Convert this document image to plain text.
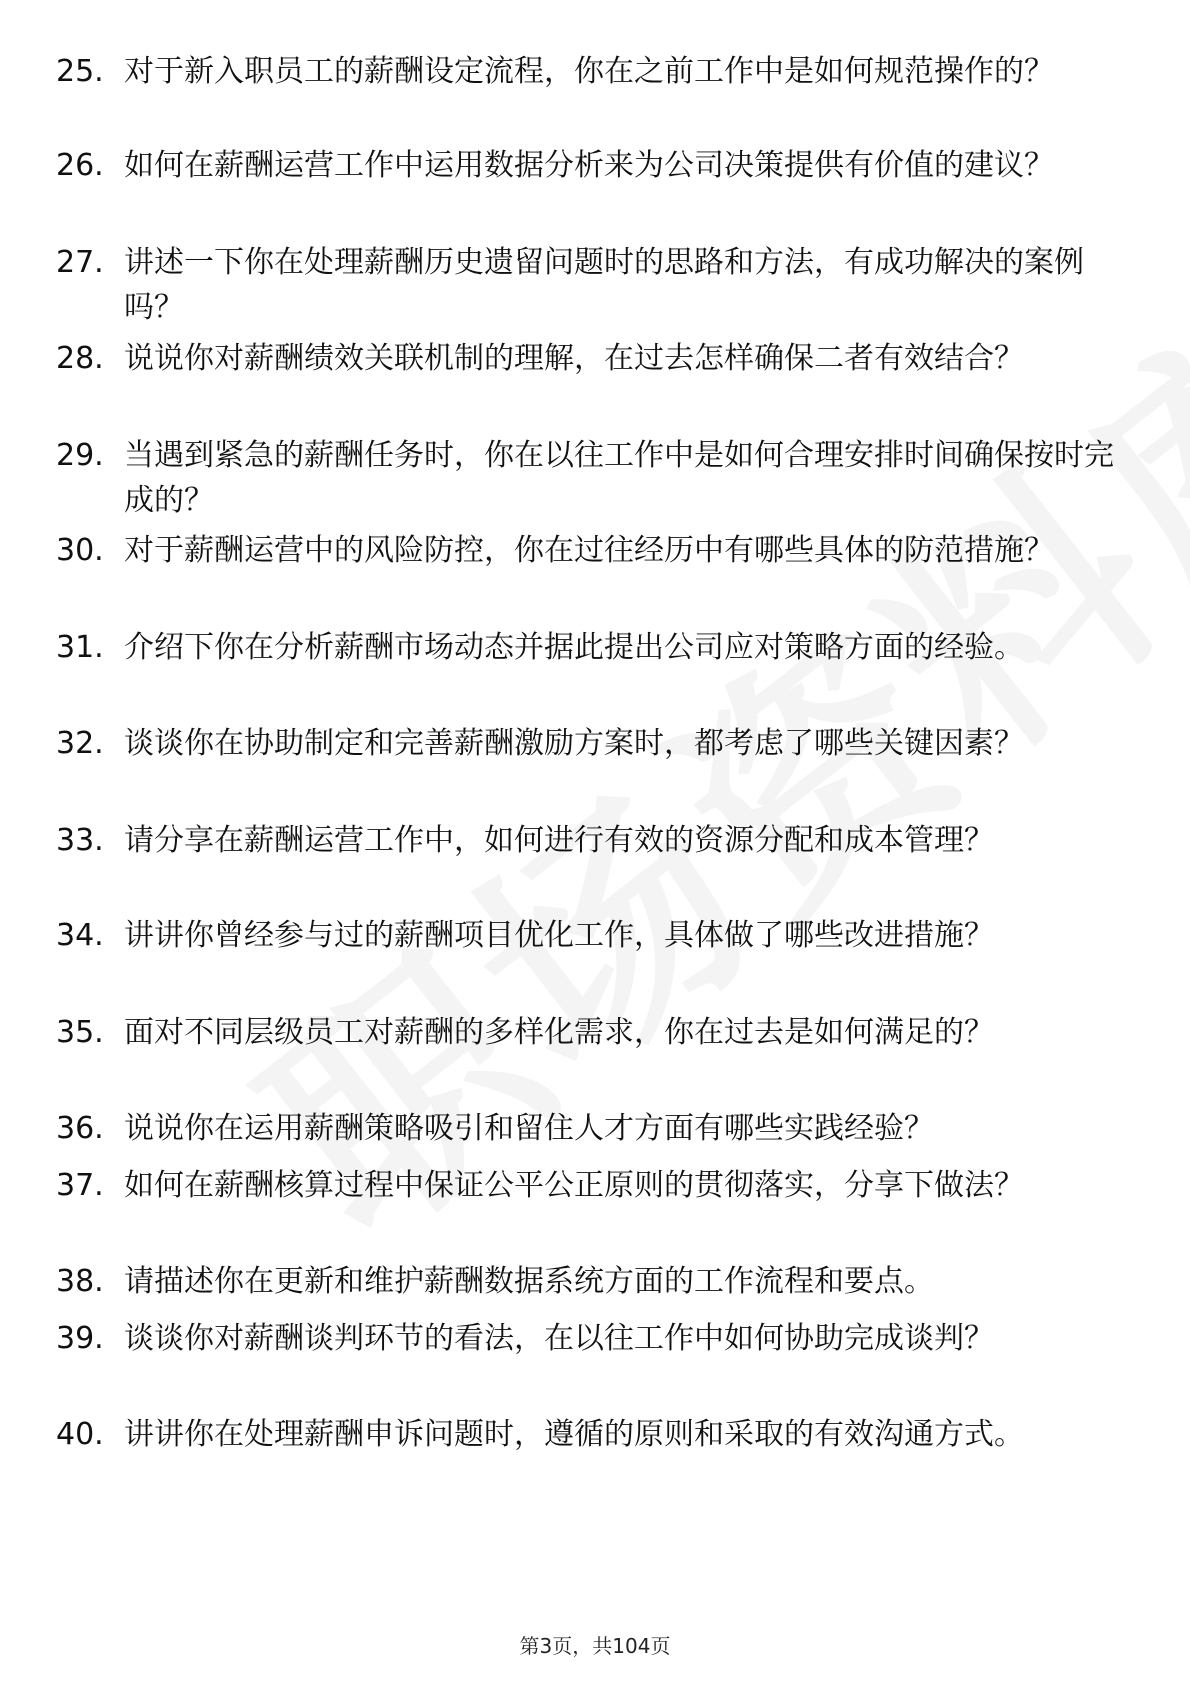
25. 对于新入职员工的薪酬设定流程，你在之前工作中是如何规范操作的？
26. 如何在薪酬运营工作中运用数据分析来为公司决策提供有价值的建议？
27. 讲述一下你在处理薪酬历史遗留问题时的思路和方法，有成功解决的案例吗？
28. 说说你对薪酬绩效关联机制的理解，在过去怎样确保二者有效结合？
29. 当遇到紧急的薪酬任务时，你在以往工作中是如何合理安排时间确保按时完成的？
30. 对于薪酬运营中的风险防控，你在过往经历中有哪些具体的防范措施？
31. 介绍下你在分析薪酬市场动态并据此提出公司应对策略方面的经验。
32. 谈谈你在协助制定和完善薪酬激励方案时，都考虑了哪些关键因素？
33. 请分享在薪酬运营工作中，如何进行有效的资源分配和成本管理？
34. 讲讲你曾经参与过的薪酬项目优化工作，具体做了哪些改进措施？
35. 面对不同层级员工对薪酬的多样化需求，你在过去是如何满足的？
36. 说说你在运用薪酬策略吸引和留住人才方面有哪些实践经验？
37. 如何在薪酬核算过程中保证公平公正原则的贯彻落实，分享下做法？
38. 请描述你在更新和维护薪酬数据系统方面的工作流程和要点。
39. 谈谈你对薪酬谈判环节的看法，在以往工作中如何协助完成谈判？
40. 讲讲你在处理薪酬申诉问题时，遵循的原则和采取的有效沟通方式。
第3页，共104页
